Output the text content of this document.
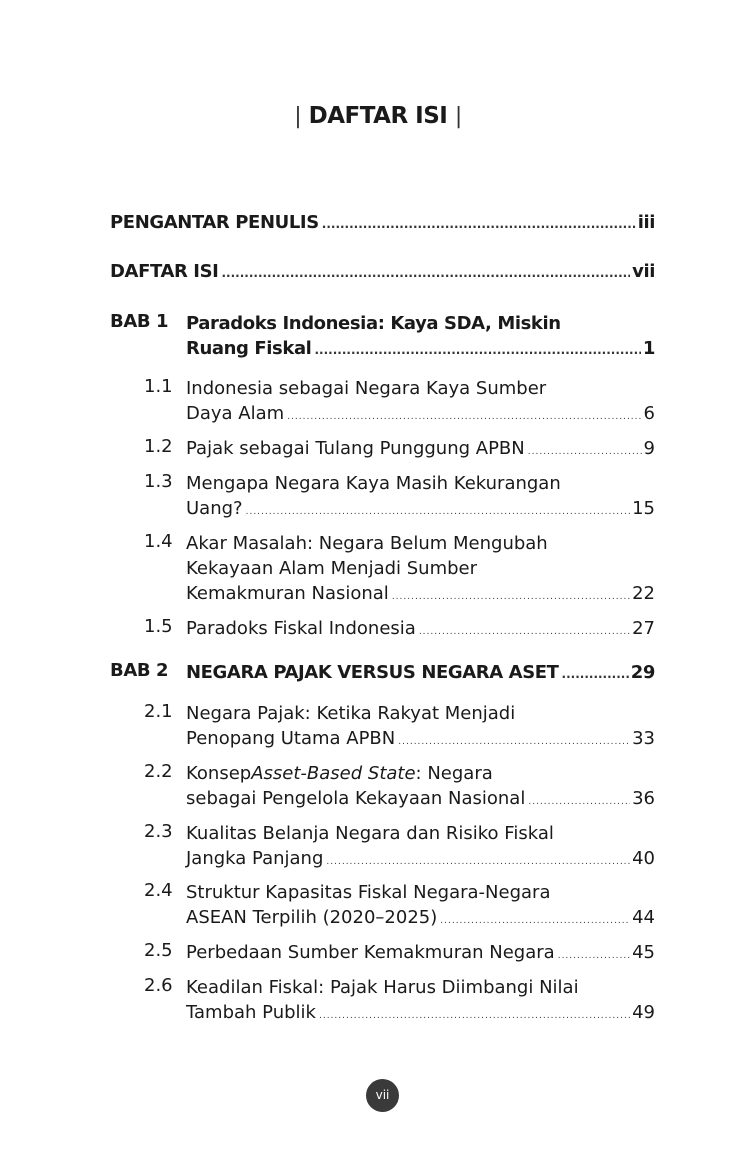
| DAFTAR ISI |
PENGANTAR PENULIS .....	iii
DAFTAR ISI .....	vii
BAB 1 Paradoks Indonesia: Kaya SDA, Miskin
Ruang Fiskal .....	1
1.1 Indonesia sebagai Negara Kaya Sumber
Daya Alam .....	6
1.2 Pajak sebagai Tulang Punggung APBN .....	9
1.3 Mengapa Negara Kaya Masih Kekurangan
Uang? .....	15
1.4 Akar Masalah: Negara Belum Mengubah
Kekayaan Alam Menjadi Sumber
Kemakmuran Nasional .....	22
1.5 Paradoks Fiskal Indonesia .....	27
BAB 2 NEGARA PAJAK VERSUS NEGARA ASET .....	29
2.1 Negara Pajak: Ketika Rakyat Menjadi
Penopang Utama APBN .....	33
2.2 Konsep Asset-Based State : Negara
sebagai Pengelola Kekayaan Nasional .....	36
2.3 Kualitas Belanja Negara dan Risiko Fiskal
Jangka Panjang .....	40
2.4 Struktur Kapasitas Fiskal Negara-Negara
ASEAN Terpilih (2020–2025) .....	44
2.5 Perbedaan Sumber Kemakmuran Negara .....	45
2.6 Keadilan Fiskal: Pajak Harus Diimbangi Nilai
Tambah Publik .....	49
vii
